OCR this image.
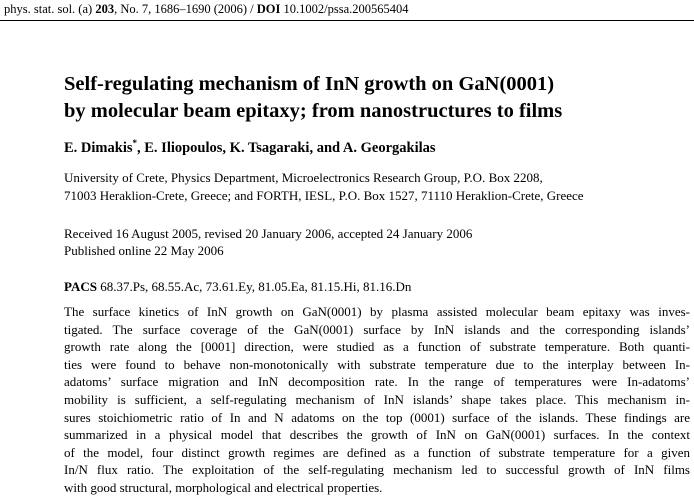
phys. stat. sol. (a) 203, No. 7, 1686–1690 (2006) / DOI 10.1002/pssa.200565404
Self-regulating mechanism of InN growth on GaN(0001)
by molecular beam epitaxy; from nanostructures to films
E. Dimakis*, E. Iliopoulos, K. Tsagaraki, and A. Georgakilas
University of Crete, Physics Department, Microelectronics Research Group, P.O. Box 2208,
71003 Heraklion-Crete, Greece; and FORTH, IESL, P.O. Box 1527, 71110 Heraklion-Crete, Greece
Received 16 August 2005, revised 20 January 2006, accepted 24 January 2006
Published online 22 May 2006
PACS 68.37.Ps, 68.55.Ac, 73.61.Ey, 81.05.Ea, 81.15.Hi, 81.16.Dn
The surface kinetics of InN growth on GaN(0001) by plasma assisted molecular beam epitaxy was inves-
tigated. The surface coverage of the GaN(0001) surface by InN islands and the corresponding islands’
growth rate along the [0001] direction, were studied as a function of substrate temperature. Both quanti-
ties were found to behave non-monotonically with substrate temperature due to the interplay between In-
adatoms’ surface migration and InN decomposition rate. In the range of temperatures were In-adatoms’
mobility is sufficient, a self-regulating mechanism of InN islands’ shape takes place. This mechanism in-
sures stoichiometric ratio of In and N adatoms on the top (0001) surface of the islands. These findings are
summarized in a physical model that describes the growth of InN on GaN(0001) surfaces. In the context
of the model, four distinct growth regimes are defined as a function of substrate temperature for a given
In/N flux ratio. The exploitation of the self-regulating mechanism led to successful growth of InN films
with good structural, morphological and electrical properties.
